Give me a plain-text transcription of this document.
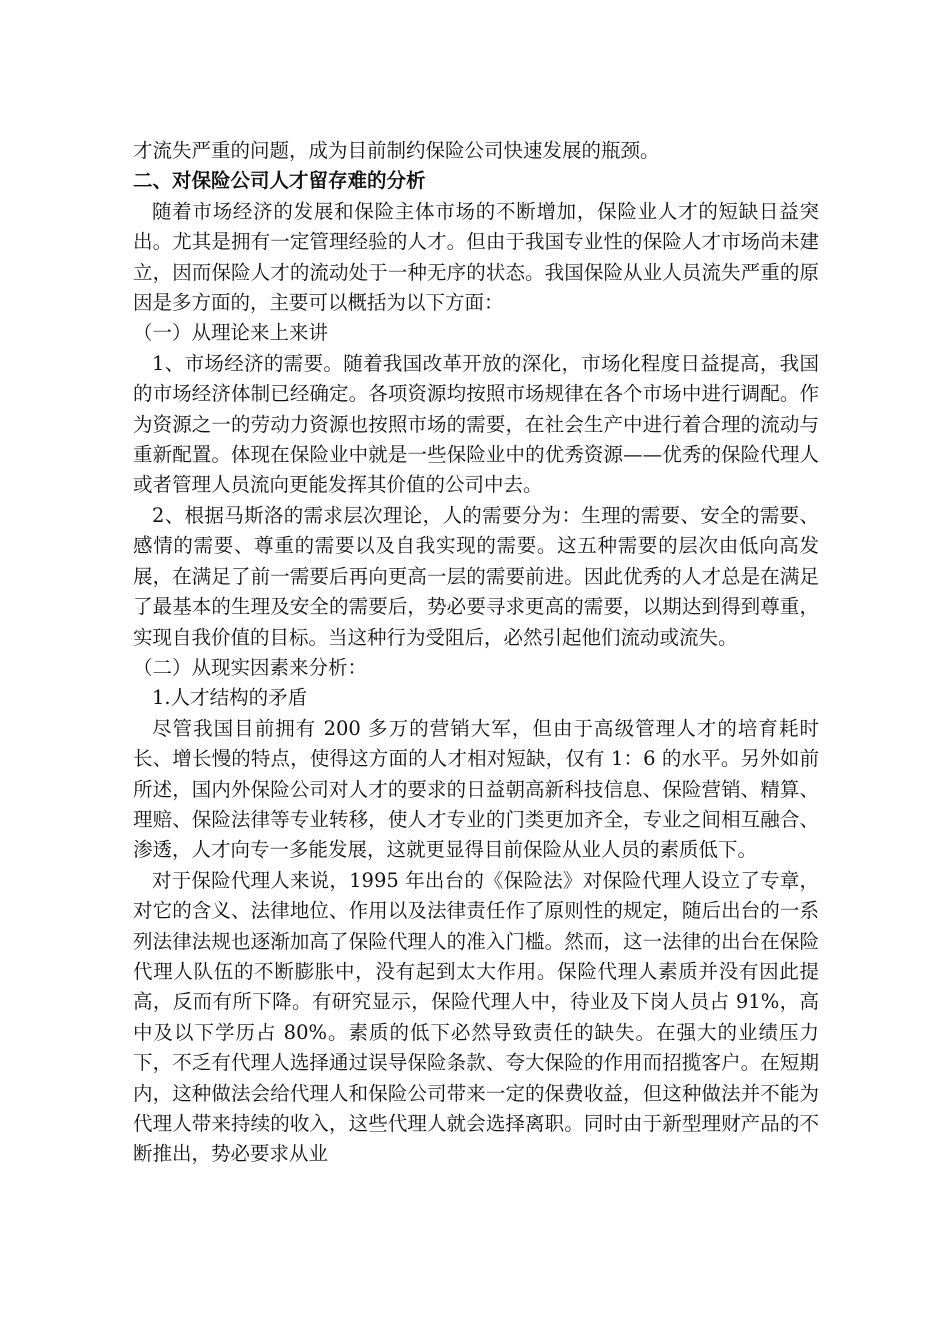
才流失严重的问题，成为目前制约保险公司快速发展的瓶颈。

二、对保险公司人才留存难的分析

随着市场经济的发展和保险主体市场的不断增加，保险业人才的短缺日益突出。尤其是拥有一定管理经验的人才。但由于我国专业性的保险人才市场尚未建立，因而保险人才的流动处于一种无序的状态。我国保险从业人员流失严重的原因是多方面的，主要可以概括为以下方面：

（一）从理论来上来讲

1、市场经济的需要。随着我国改革开放的深化，市场化程度日益提高，我国的市场经济体制已经确定。各项资源均按照市场规律在各个市场中进行调配。作为资源之一的劳动力资源也按照市场的需要，在社会生产中进行着合理的流动与重新配置。体现在保险业中就是一些保险业中的优秀资源——优秀的保险代理人或者管理人员流向更能发挥其价值的公司中去。

2、根据马斯洛的需求层次理论，人的需要分为：生理的需要、安全的需要、感情的需要、尊重的需要以及自我实现的需要。这五种需要的层次由低向高发展，在满足了前一需要后再向更高一层的需要前进。因此优秀的人才总是在满足了最基本的生理及安全的需要后，势必要寻求更高的需要，以期达到得到尊重，实现自我价值的目标。当这种行为受阻后，必然引起他们流动或流失。

（二）从现实因素来分析：

1.人才结构的矛盾

尽管我国目前拥有 200 多万的营销大军，但由于高级管理人才的培育耗时长、增长慢的特点，使得这方面的人才相对短缺，仅有 1：6 的水平。另外如前所述，国内外保险公司对人才的要求的日益朝高新科技信息、保险营销、精算、理赔、保险法律等专业转移，使人才专业的门类更加齐全，专业之间相互融合、渗透，人才向专一多能发展，这就更显得目前保险从业人员的素质低下。

对于保险代理人来说，1995 年出台的《保险法》对保险代理人设立了专章，对它的含义、法律地位、作用以及法律责任作了原则性的规定，随后出台的一系列法律法规也逐渐加高了保险代理人的准入门槛。然而，这一法律的出台在保险代理人队伍的不断膨胀中，没有起到太大作用。保险代理人素质并没有因此提高，反而有所下降。有研究显示，保险代理人中，待业及下岗人员占 91%，高中及以下学历占 80%。素质的低下必然导致责任的缺失。在强大的业绩压力下，不乏有代理人选择通过误导保险条款、夸大保险的作用而招揽客户。在短期内，这种做法会给代理人和保险公司带来一定的保费收益，但这种做法并不能为代理人带来持续的收入，这些代理人就会选择离职。同时由于新型理财产品的不断推出，势必要求从业
